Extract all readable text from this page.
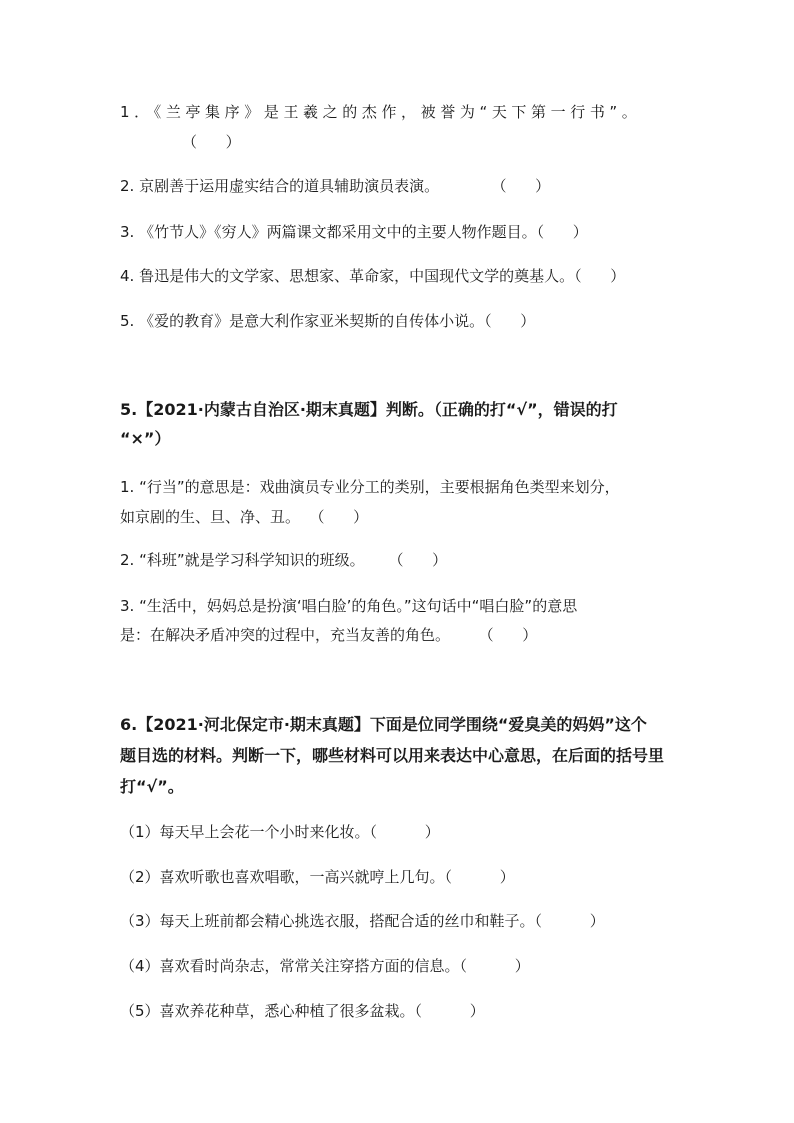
1．《兰亭集序》是王羲之的杰作，被誉为“天下第一行书”。

（      ）

2. 京剧善于运用虚实结合的道具辅助演员表演。           （      ）

3. 《竹节人》《穷人》两篇课文都采用文中的主要人物作题目。（      ）

4. 鲁迅是伟大的文学家、思想家、革命家，中国现代文学的奠基人。（      ）

5. 《爱的教育》是意大利作家亚米契斯的自传体小说。（      ）

5.【2021·内蒙古自治区·期末真题】判断。（正确的打“√”，错误的打

“×”）

1. “行当”的意思是：戏曲演员专业分工的类别，主要根据角色类型来划分，

如京剧的生、旦、净、丑。  （      ）

2. “科班”就是学习科学知识的班级。     （      ）

3. “生活中，妈妈总是扮演‘唱白脸’的角色。”这句话中“唱白脸”的意思

是：在解决矛盾冲突的过程中，充当友善的角色。      （      ）

6.【2021·河北保定市·期末真题】下面是位同学围绕“爱臭美的妈妈”这个

题目选的材料。判断一下，哪些材料可以用来表达中心意思，在后面的括号里

打“√”。

（1）每天早上会花一个小时来化妆。（          ）

（2）喜欢听歌也喜欢唱歌，一高兴就哼上几句。（          ）

（3）每天上班前都会精心挑选衣服，搭配合适的丝巾和鞋子。（          ）

（4）喜欢看时尚杂志，常常关注穿搭方面的信息。（          ）

（5）喜欢养花种草，悉心种植了很多盆栽。（          ）
